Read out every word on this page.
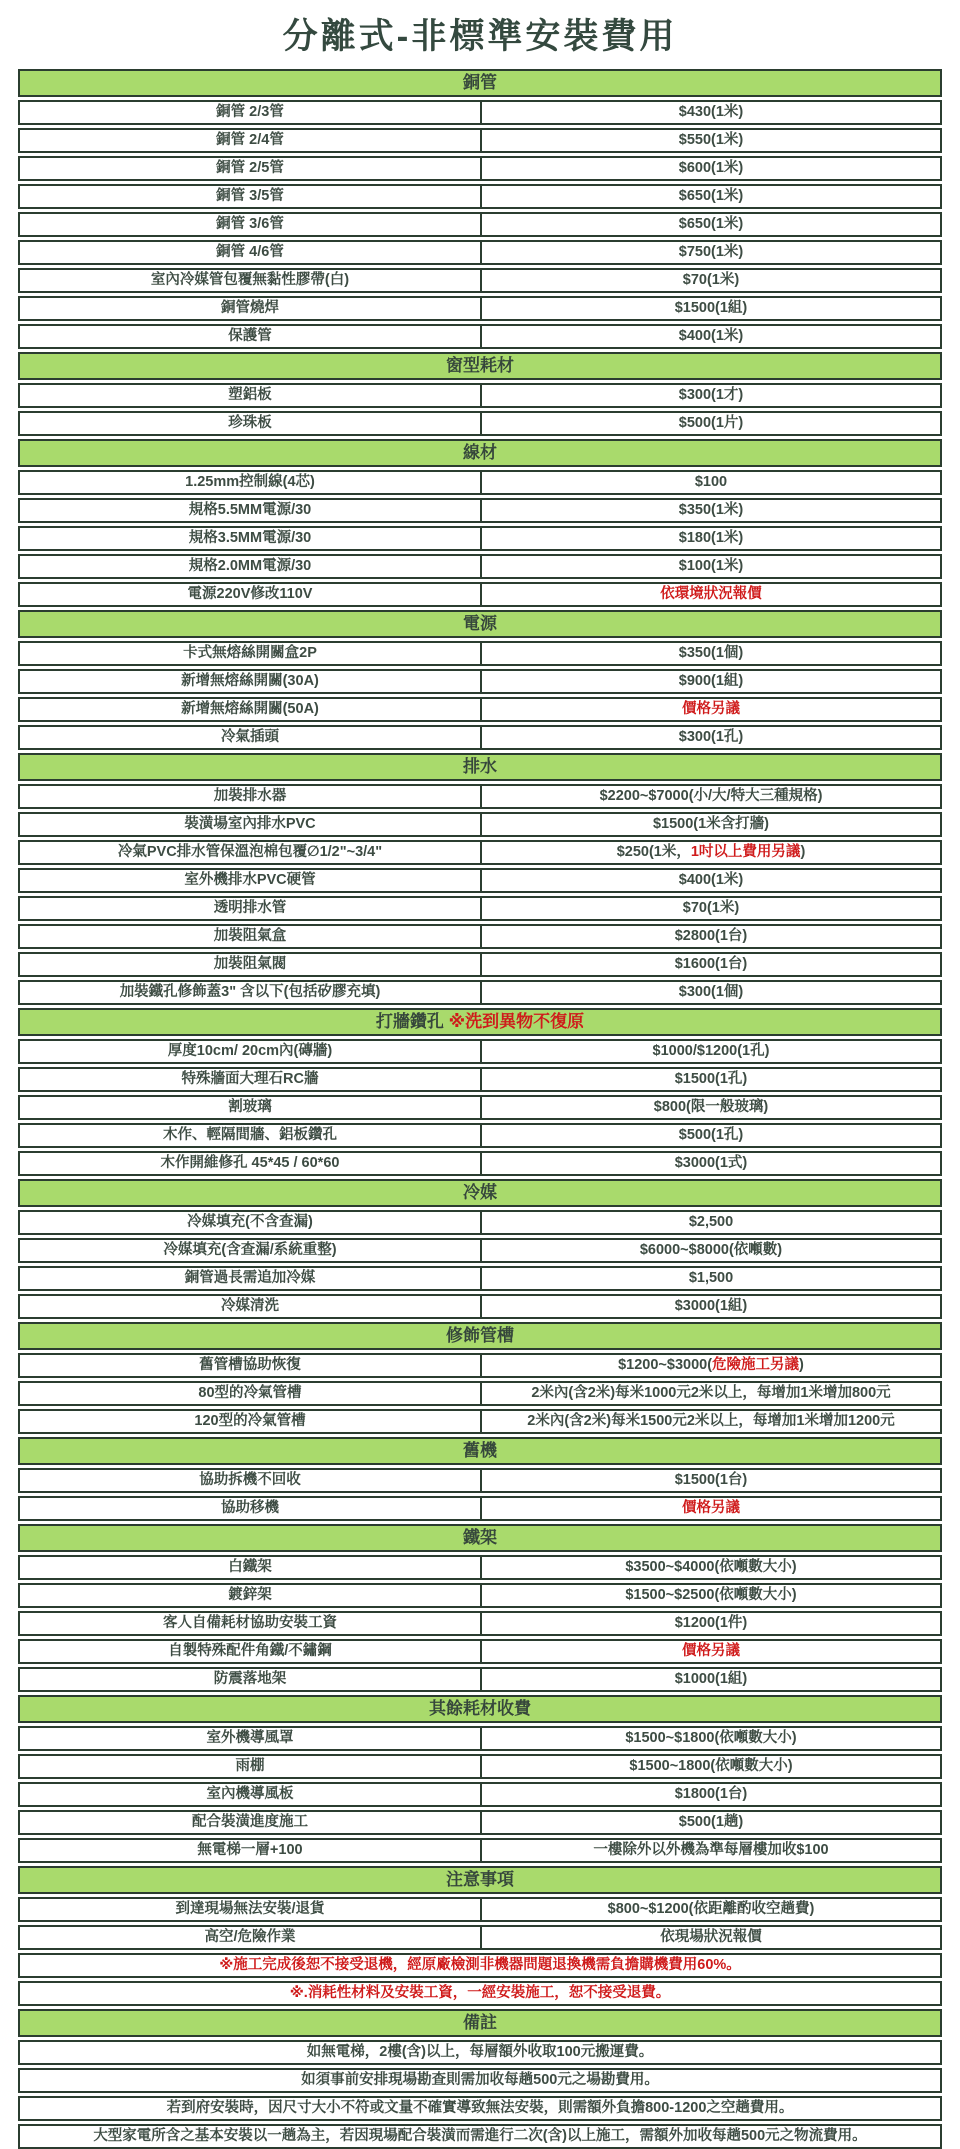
分離式-非標準安裝費用
銅管
銅管 2/3管	$430(1米)
銅管 2/4管	$550(1米)
銅管 2/5管	$600(1米)
銅管 3/5管	$650(1米)
銅管 3/6管	$650(1米)
銅管 4/6管	$750(1米)
室內冷媒管包覆無黏性膠帶(白)	$70(1米)
銅管燒焊	$1500(1組)
保護管	$400(1米)
窗型耗材
塑鋁板	$300(1才)
珍珠板	$500(1片)
線材
1.25mm控制線(4芯)	$100
規格5.5MM電源/30	$350(1米)
規格3.5MM電源/30	$180(1米)
規格2.0MM電源/30	$100(1米)
電源220V修改110V	依環境狀況報價
電源
卡式無熔絲開關盒2P	$350(1個)
新增無熔絲開關(30A)	$900(1組)
新增無熔絲開關(50A)	價格另議
冷氣插頭	$300(1孔)
排水
加裝排水器	$2200~$7000(小/大/特大三種規格)
裝潢場室內排水PVC	$1500(1米含打牆)
冷氣PVC排水管保溫泡棉包覆∅1/2"~3/4"	$250(1米，1吋以上費用另議)
室外機排水PVC硬管	$400(1米)
透明排水管	$70(1米)
加裝阻氣盒	$2800(1台)
加裝阻氣閥	$1600(1台)
加裝鐵孔修飾蓋3" 含以下(包括矽膠充填)	$300(1個)
打牆鑽孔 ※洗到異物不復原
厚度10cm/ 20cm內(磚牆)	$1000/$1200(1孔)
特殊牆面大理石RC牆	$1500(1孔)
割玻璃	$800(限一般玻璃)
木作、輕隔間牆、鋁板鑽孔	$500(1孔)
木作開維修孔 45*45 / 60*60	$3000(1式)
冷媒
冷媒填充(不含查漏)	$2,500
冷媒填充(含查漏/系統重整)	$6000~$8000(依噸數)
銅管過長需追加冷媒	$1,500
冷媒清洗	$3000(1組)
修飾管槽
舊管槽協助恢復	$1200~$3000(危險施工另議)
80型的冷氣管槽	2米內(含2米)每米1000元2米以上，每增加1米增加800元
120型的冷氣管槽	2米內(含2米)每米1500元2米以上，每增加1米增加1200元
舊機
協助拆機不回收	$1500(1台)
協助移機	價格另議
鐵架
白鐵架	$3500~$4000(依噸數大小)
鍍鋅架	$1500~$2500(依噸數大小)
客人自備耗材協助安裝工資	$1200(1件)
自製特殊配件角鐵/不鏽鋼	價格另議
防震落地架	$1000(1組)
其餘耗材收費
室外機導風罩	$1500~$1800(依噸數大小)
雨棚	$1500~1800(依噸數大小)
室內機導風板	$1800(1台)
配合裝潢進度施工	$500(1趟)
無電梯一層+100	一樓除外以外機為準每層樓加收$100
注意事項
到達現場無法安裝/退貨	$800~$1200(依距離酌收空趟費)
高空/危險作業	依現場狀況報價
※施工完成後恕不接受退機，經原廠檢測非機器問題退換機需負擔購機費用60%。
※.消耗性材料及安裝工資，一經安裝施工，恕不接受退費。
備註
如無電梯，2樓(含)以上，每層額外收取100元搬運費。
如須事前安排現場勘查則需加收每趟500元之場勘費用。
若到府安裝時，因尺寸大小不符或文量不確實導致無法安裝，則需額外負擔800-1200之空趟費用。
大型家電所含之基本安裝以一趟為主，若因現場配合裝潢而需進行二次(含)以上施工，需額外加收每趟500元之物流費用。
